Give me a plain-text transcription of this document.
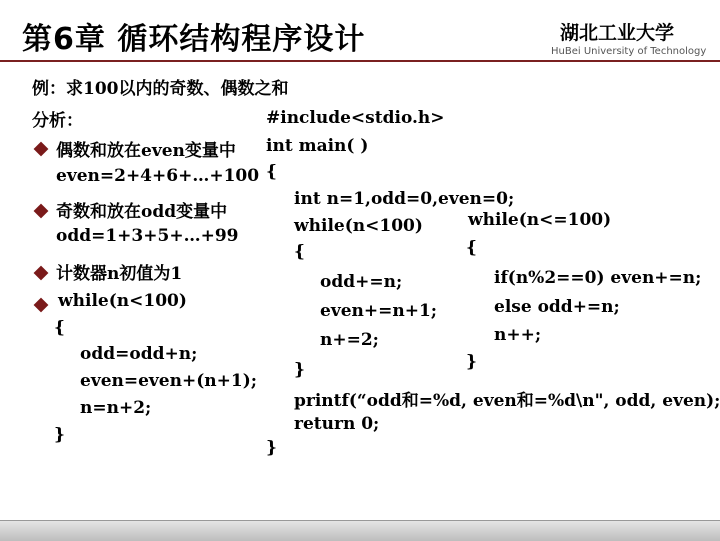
第6章 循环结构程序设计	湖北工业大学
HuBei University of Technology
例：求100以内的奇数、偶数之和
分析：
偶数和放在even变量中
even=2+4+6+…+100
奇数和放在odd变量中
odd=1+3+5+…+99
计数器n初值为1
while(n<100)
{
odd=odd+n;
even=even+(n+1);
n=n+2;
}
#include<stdio.h>
int main( )
{
int n=1,odd=0,even=0;
while(n<100)
{
odd+=n;
even+=n+1;
n+=2;
}
printf(“odd和=%d, even和=%d\n", odd, even);
return 0;
}
while(n<=100)
{
if(n%2==0) even+=n;
else odd+=n;
n++;
}
